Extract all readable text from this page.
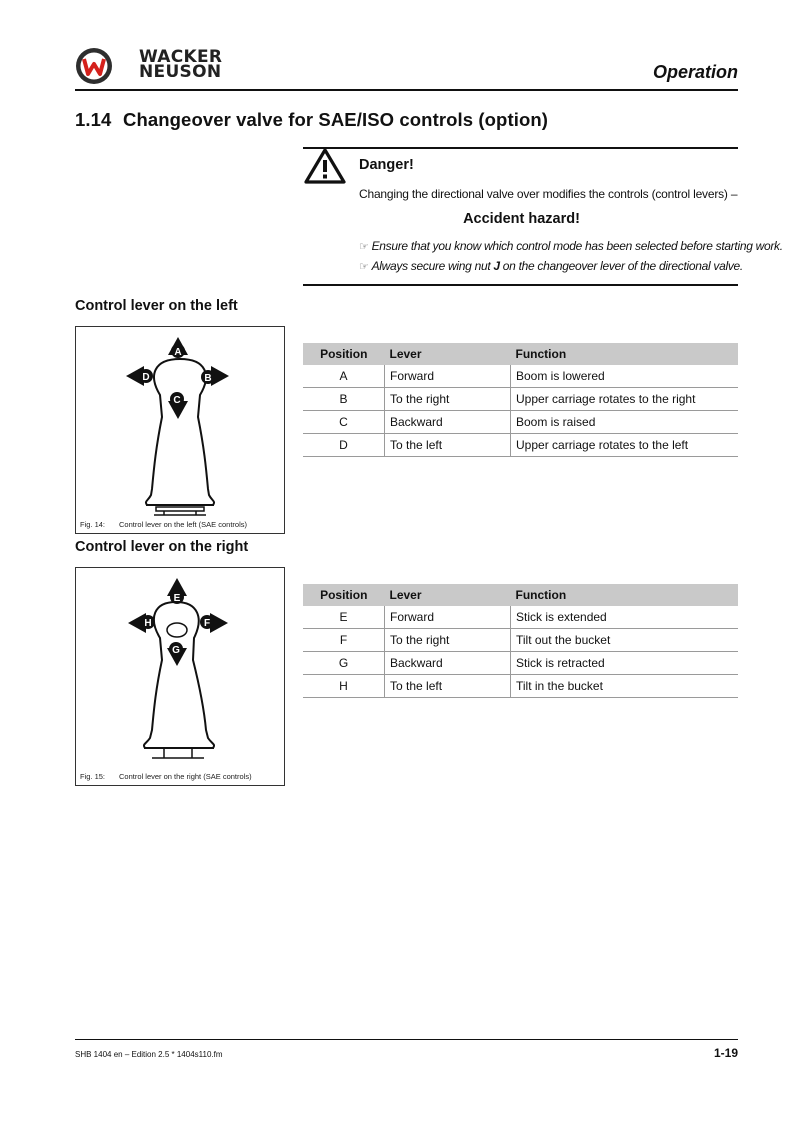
WACKER
NEUSON	Operation
1.14 Changeover valve for SAE/ISO controls (option)
Danger!
Changing the directional valve over modifies the controls (control levers) –
Accident hazard!
☞ Ensure that you know which control mode has been selected before starting work.
☞ Always secure wing nut J on the changeover lever of the directional valve.
Control lever on the left
A
D	B
C
Fig. 14: Control lever on the left (SAE controls)
Position	Lever	Function
A	Forward	Boom is lowered
B	To the right	Upper carriage rotates to the right
C	Backward	Boom is raised
D	To the left	Upper carriage rotates to the left
Control lever on the right
E
H	F
G
Fig. 15: Control lever on the right (SAE controls)
Position	Lever	Function
E	Forward	Stick is extended
F	To the right	Tilt out the bucket
G	Backward	Stick is retracted
H	To the left	Tilt in the bucket
SHB 1404 en – Edition 2.5 * 1404s110.fm	1-19
